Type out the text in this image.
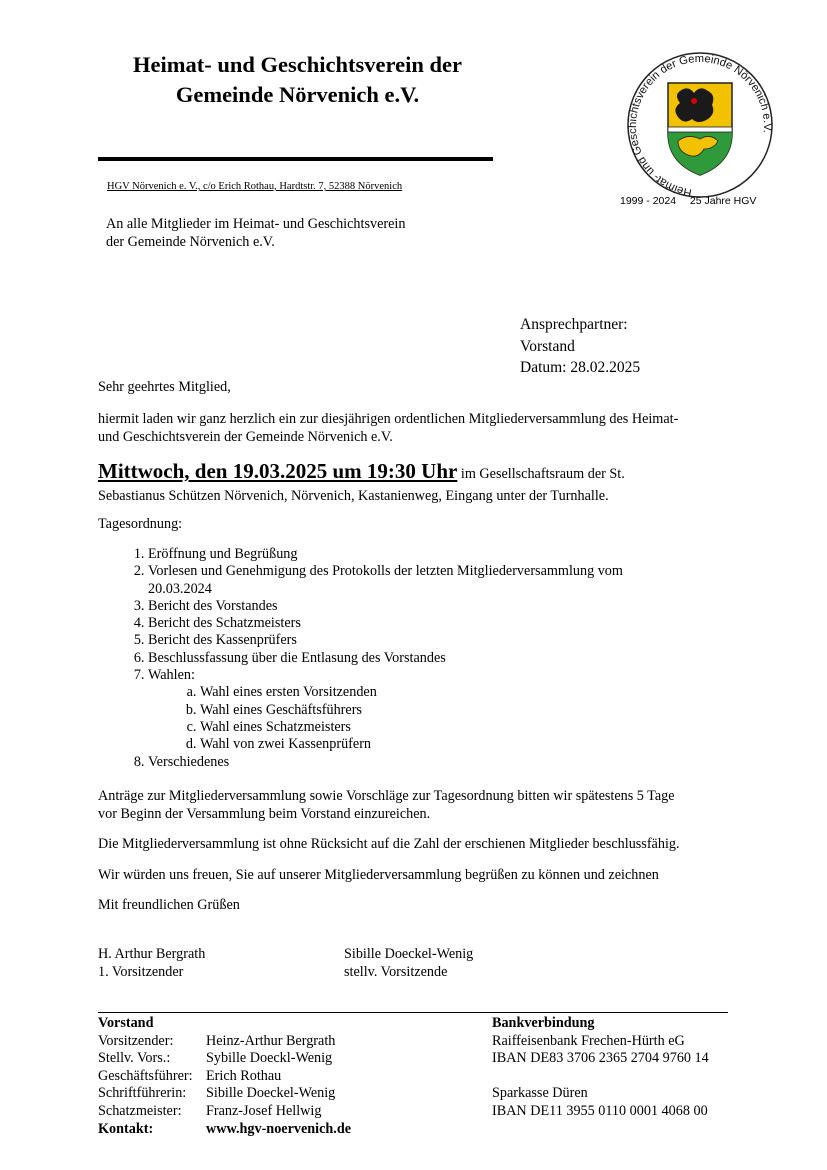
Heimat- und Geschichtsverein der
Gemeinde Nörvenich e.V.
HGV Nörvenich e. V., c/o Erich Rothau, Hardtstr. 7, 52388 Nörvenich	Heimat- und Geschichtsverein der Gemeinde Nörvenich e.V.
1999 - 2024 25 Jahre HGV
An alle Mitglieder im Heimat- und Geschichtsverein
der Gemeinde Nörvenich e.V.
Ansprechpartner:
Vorstand
Datum: 28.02.2025
Sehr geehrtes Mitglied,
hiermit laden wir ganz herzlich ein zur diesjährigen ordentlichen Mitgliederversammlung des Heimat-
und Geschichtsverein der Gemeinde Nörvenich e.V.
Mittwoch, den 19.03.2025 um 19:30 Uhr im Gesellschaftsraum der St.
Sebastianus Schützen Nörvenich, Nörvenich, Kastanienweg, Eingang unter der Turnhalle.
Tagesordnung:
1. Eröffnung und Begrüßung
2. Vorlesen und Genehmigung des Protokolls der letzten Mitgliederversammlung vom 20.03.2024
3. Bericht des Vorstandes
4. Bericht des Schatzmeisters
5. Bericht des Kassenprüfers
6. Beschlussfassung über die Entlasung des Vorstandes
7. Wahlen:
a. Wahl eines ersten Vorsitzenden
b. Wahl eines Geschäftsführers
c. Wahl eines Schatzmeisters
d. Wahl von zwei Kassenprüfern
8. Verschiedenes
Anträge zur Mitgliederversammlung sowie Vorschläge zur Tagesordnung bitten wir spätestens 5 Tage
vor Beginn der Versammlung beim Vorstand einzureichen.
Die Mitgliederversammlung ist ohne Rücksicht auf die Zahl der erschienen Mitglieder beschlussfähig.
Wir würden uns freuen, Sie auf unserer Mitgliederversammlung begrüßen zu können und zeichnen
Mit freundlichen Grüßen
H. Arthur Bergrath
1. Vorsitzender
Sibille Doeckel-Wenig
stellv. Vorsitzende
Vorstand
Vorsitzender: Heinz-Arthur Bergrath
Stellv. Vors.:	Sybille Doeckl-Wenig
Geschäftsführer: Erich Rothau
Schriftführerin: Sibille Doeckel-Wenig
Schatzmeister: Franz-Josef Hellwig
Kontakt:	www.hgv-noervenich.de
Bankverbindung
Raiffeisenbank Frechen-Hürth eG
IBAN DE83 3706 2365 2704 9760 14
Sparkasse Düren
IBAN DE11 3955 0110 0001 4068 00
